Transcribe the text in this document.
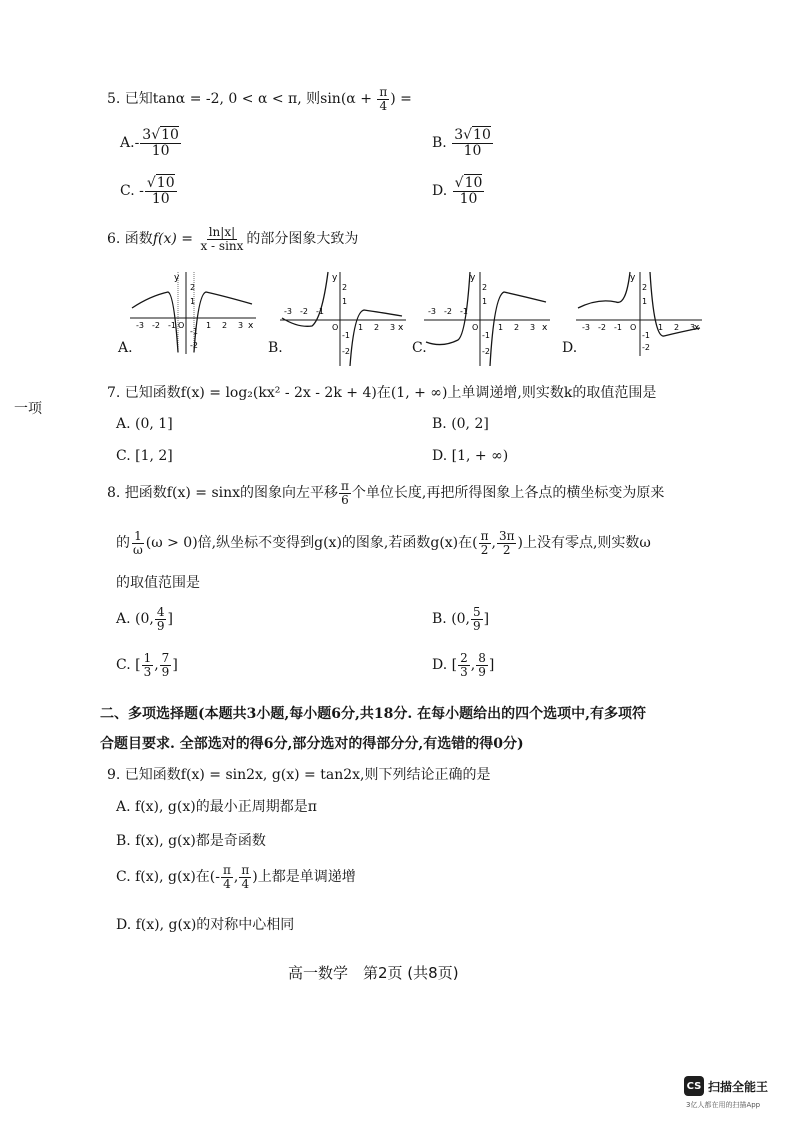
5. 已知tanα = -2, 0 < α < π, 则$\sin(\alpha + \frac{\pi}{4}$ ) =
$A.- \frac{3√10}{10}$	B. $\frac{3√10}{10}$
C. - $\frac{√10}{10}$	D. $\frac{√10}{10}$
6. 函数$f(x) = \frac{\ln|x|}{x - \sin x}$ 的部分图象大致为
y
x
2
1
-3 -2 -1 O	1 2 3
-1
-2
A.
y
x
2
1
-3 -2 -1
O 1 2 3
-1
-2
B.
y
x
2
1
-3 -2 -1
O 1 2 3
-1
-2
C.
y
x
2
1
-3 -2 -1 O	1 2 3
-1
-2
D.
一项
7. 已知函数f(x) = log₂(kx² - 2x - 2k + 4)在(1, + ∞)上单调递增,则实数k的取值范围是
A. (0, 1]	B. (0, 2]
C. [1, 2]	D. [1, + ∞)
8. 把函数f(x) = sinx的图象向左平移 $\frac{\pi}{6}$ 个单位长度,再把所得图象上各点的横坐标变为原来
的 $\frac{1}{\omega} (\omega > 0)$倍,纵坐标不变得到g(x)的图象,若函数g(x)在( $\frac{\pi}{2}$ , $\frac{3\pi}{2}$ )上没有零点,则实数ω
的取值范围是
A. (0, $\frac{4}{9}$ ]	B. (0, $\frac{5}{9}$ ]
C. [ $\frac{1}{3}$ , $\frac{7}{9}$ ]	D. [ $\frac{2}{3}$ , $\frac{8}{9}$ ]
二、多项选择题(本题共3小题,每小题6分,共18分. 在每小题给出的四个选项中,有多项符
合题目要求. 全部选对的得6分,部分选对的得部分分,有选错的得0分)
9. 已知函数f(x) = sin2x, g(x) = tan2x,则下列结论正确的是
A. f(x), g(x)的最小正周期都是π
B. f(x), g(x)都是奇函数
C. f(x), g(x)在(- $\frac{\pi}{4}$ , $\frac{\pi}{4}$ )上都是单调递增
D. f(x), g(x)的对称中心相同
高一数学　第2页 (共8页)
CS 扫描全能王
3亿人都在用的扫描App
